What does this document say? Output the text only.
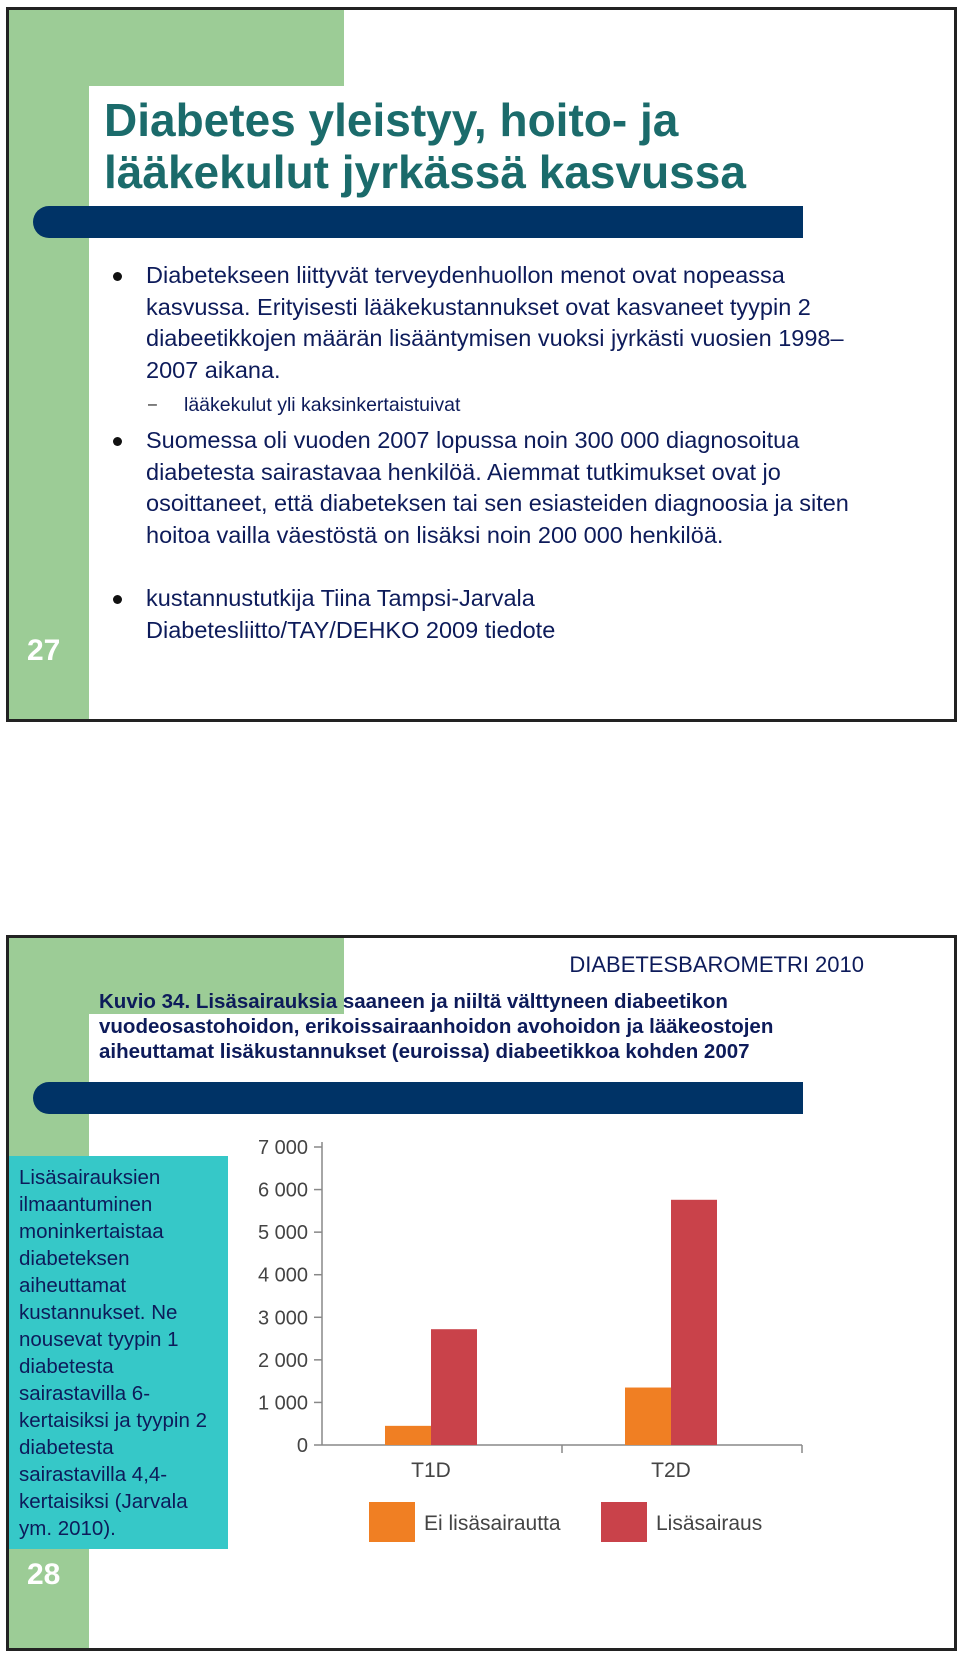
Diabetes yleistyy, hoito- ja
lääkekulut jyrkässä kasvussa
Diabetekseen liittyvät terveydenhuollon menot ovat nopeassa kasvussa. Erityisesti lääkekustannukset ovat kasvaneet tyypin 2 diabeetikkojen määrän lisääntymisen vuoksi jyrkästi vuosien 1998–2007 aikana.
– lääkekulut yli kaksinkertaistuivat
Suomessa oli vuoden 2007 lopussa noin 300 000 diagnosoitua diabetesta sairastavaa henkilöä. Aiemmat tutkimukset ovat jo osoittaneet, että diabeteksen tai sen esiasteiden diagnoosia ja siten hoitoa vailla väestöstä on lisäksi noin 200 000 henkilöä.
kustannustutkija Tiina Tampsi-Jarvala
Diabetesliitto/TAY/DEHKO 2009 tiedote
27
DIABETESBAROMETRI 2010

Kuvio 34. Lisäsairauksia saaneen ja niiltä välttyneen diabeetikon vuodeosastohoidon, erikoissairaanhoidon avohoidon ja lääkeostojen aiheuttamat lisäkustannukset (euroissa) diabeetikkoa kohden 2007

Lisäsairauksien ilmaantuminen moninkertaistaa diabeteksen aiheuttamat kustannukset. Ne nousevat tyypin 1 diabetesta sairastavilla 6-kertaisiksi ja tyypin 2 diabetesta sairastavilla 4,4-kertaisiksi (Jarvala ym. 2010).

7 000
6 000
5 000
4 000
3 000
2 000
1 000
0
T1D	T2D
Ei lisäsairautta	Lisäsairaus
28
